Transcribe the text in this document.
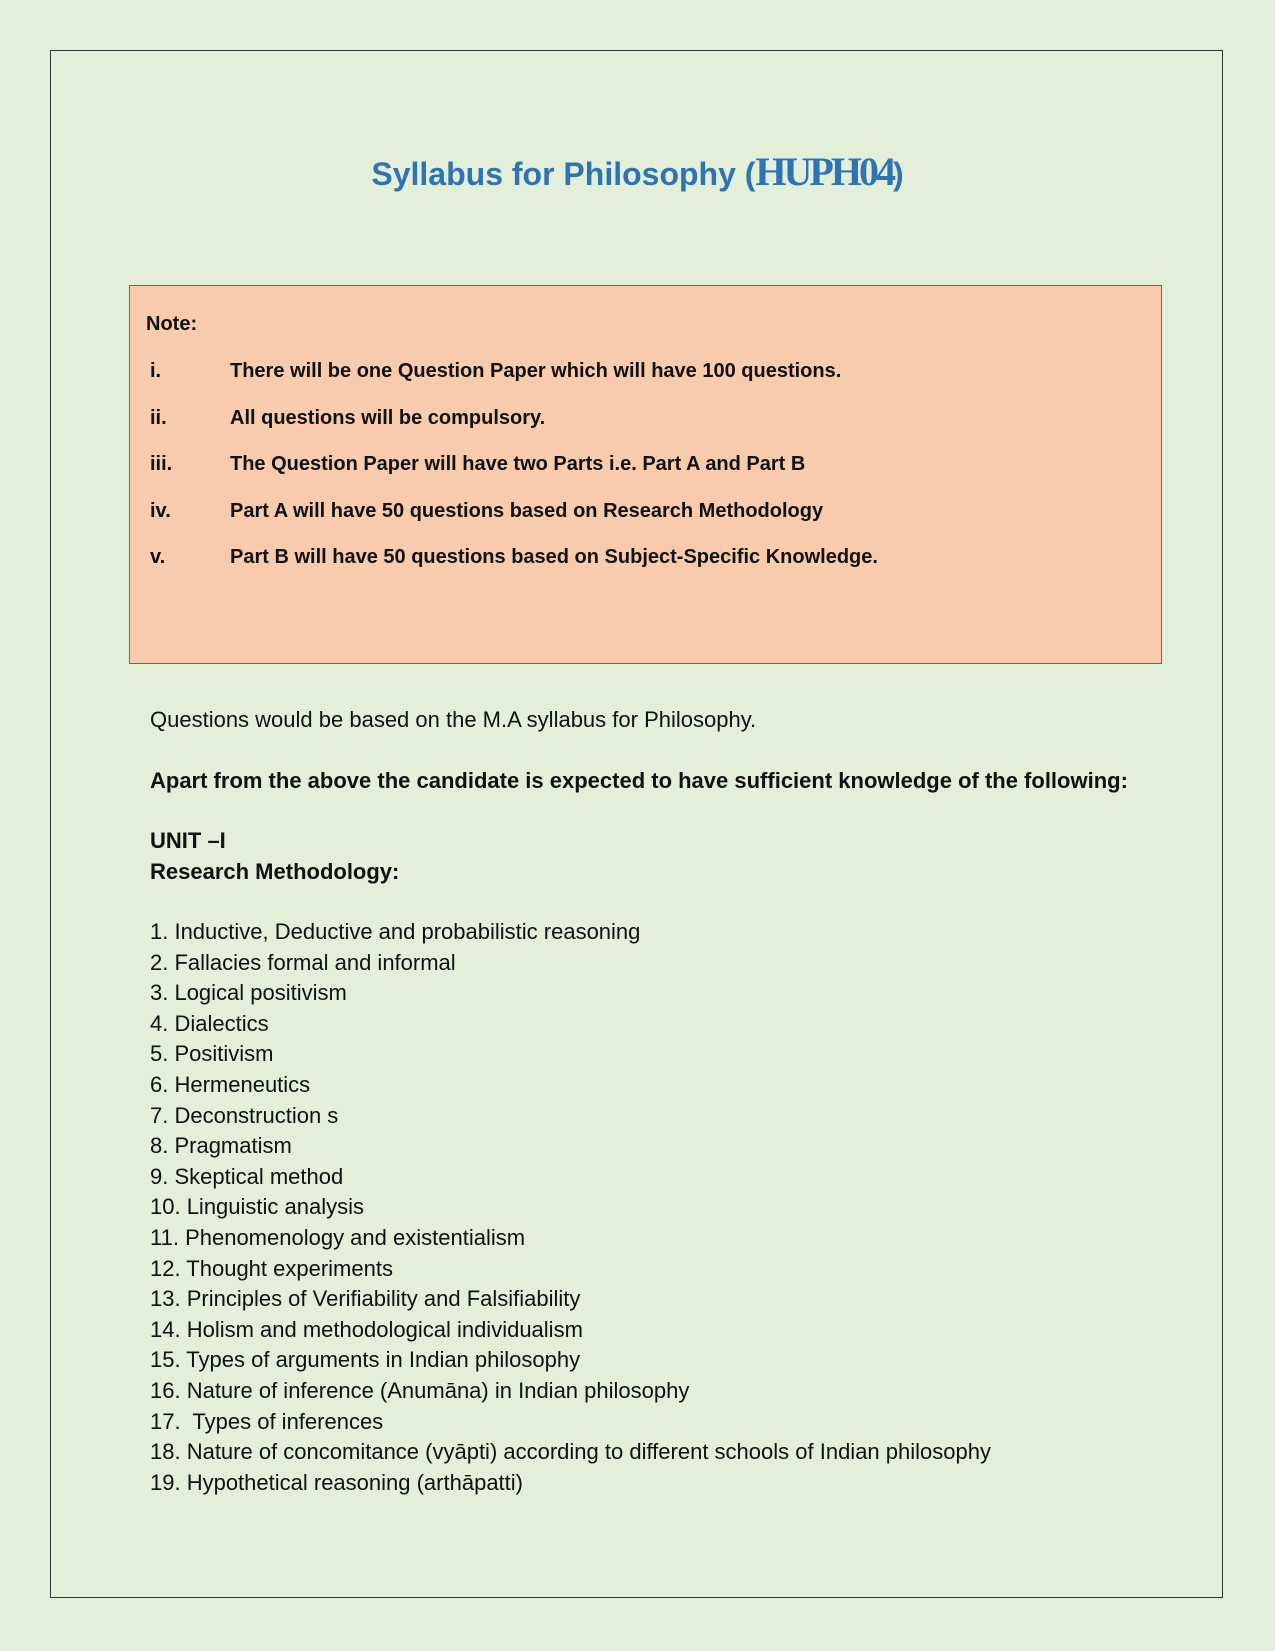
Syllabus for Philosophy (HUPH04)
Note:
i.	There will be one Question Paper which will have 100 questions.
ii.	All questions will be compulsory.
iii.	The Question Paper will have two Parts i.e. Part A and Part B
iv.	Part A will have 50 questions based on Research Methodology
v.	Part B will have 50 questions based on Subject-Specific Knowledge.
Questions would be based on the M.A syllabus for Philosophy.
Apart from the above the candidate is expected to have sufficient knowledge of the following:
UNIT –I
Research Methodology:
1. Inductive, Deductive and probabilistic reasoning
2. Fallacies formal and informal
3. Logical positivism
4. Dialectics
5. Positivism
6. Hermeneutics
7. Deconstruction s
8. Pragmatism
9. Skeptical method
10. Linguistic analysis
11. Phenomenology and existentialism
12. Thought experiments
13. Principles of Verifiability and Falsifiability
14. Holism and methodological individualism
15. Types of arguments in Indian philosophy
16. Nature of inference (Anumāna) in Indian philosophy
17.  Types of inferences
18. Nature of concomitance (vyāpti) according to different schools of Indian philosophy
19. Hypothetical reasoning (arthāpatti)
